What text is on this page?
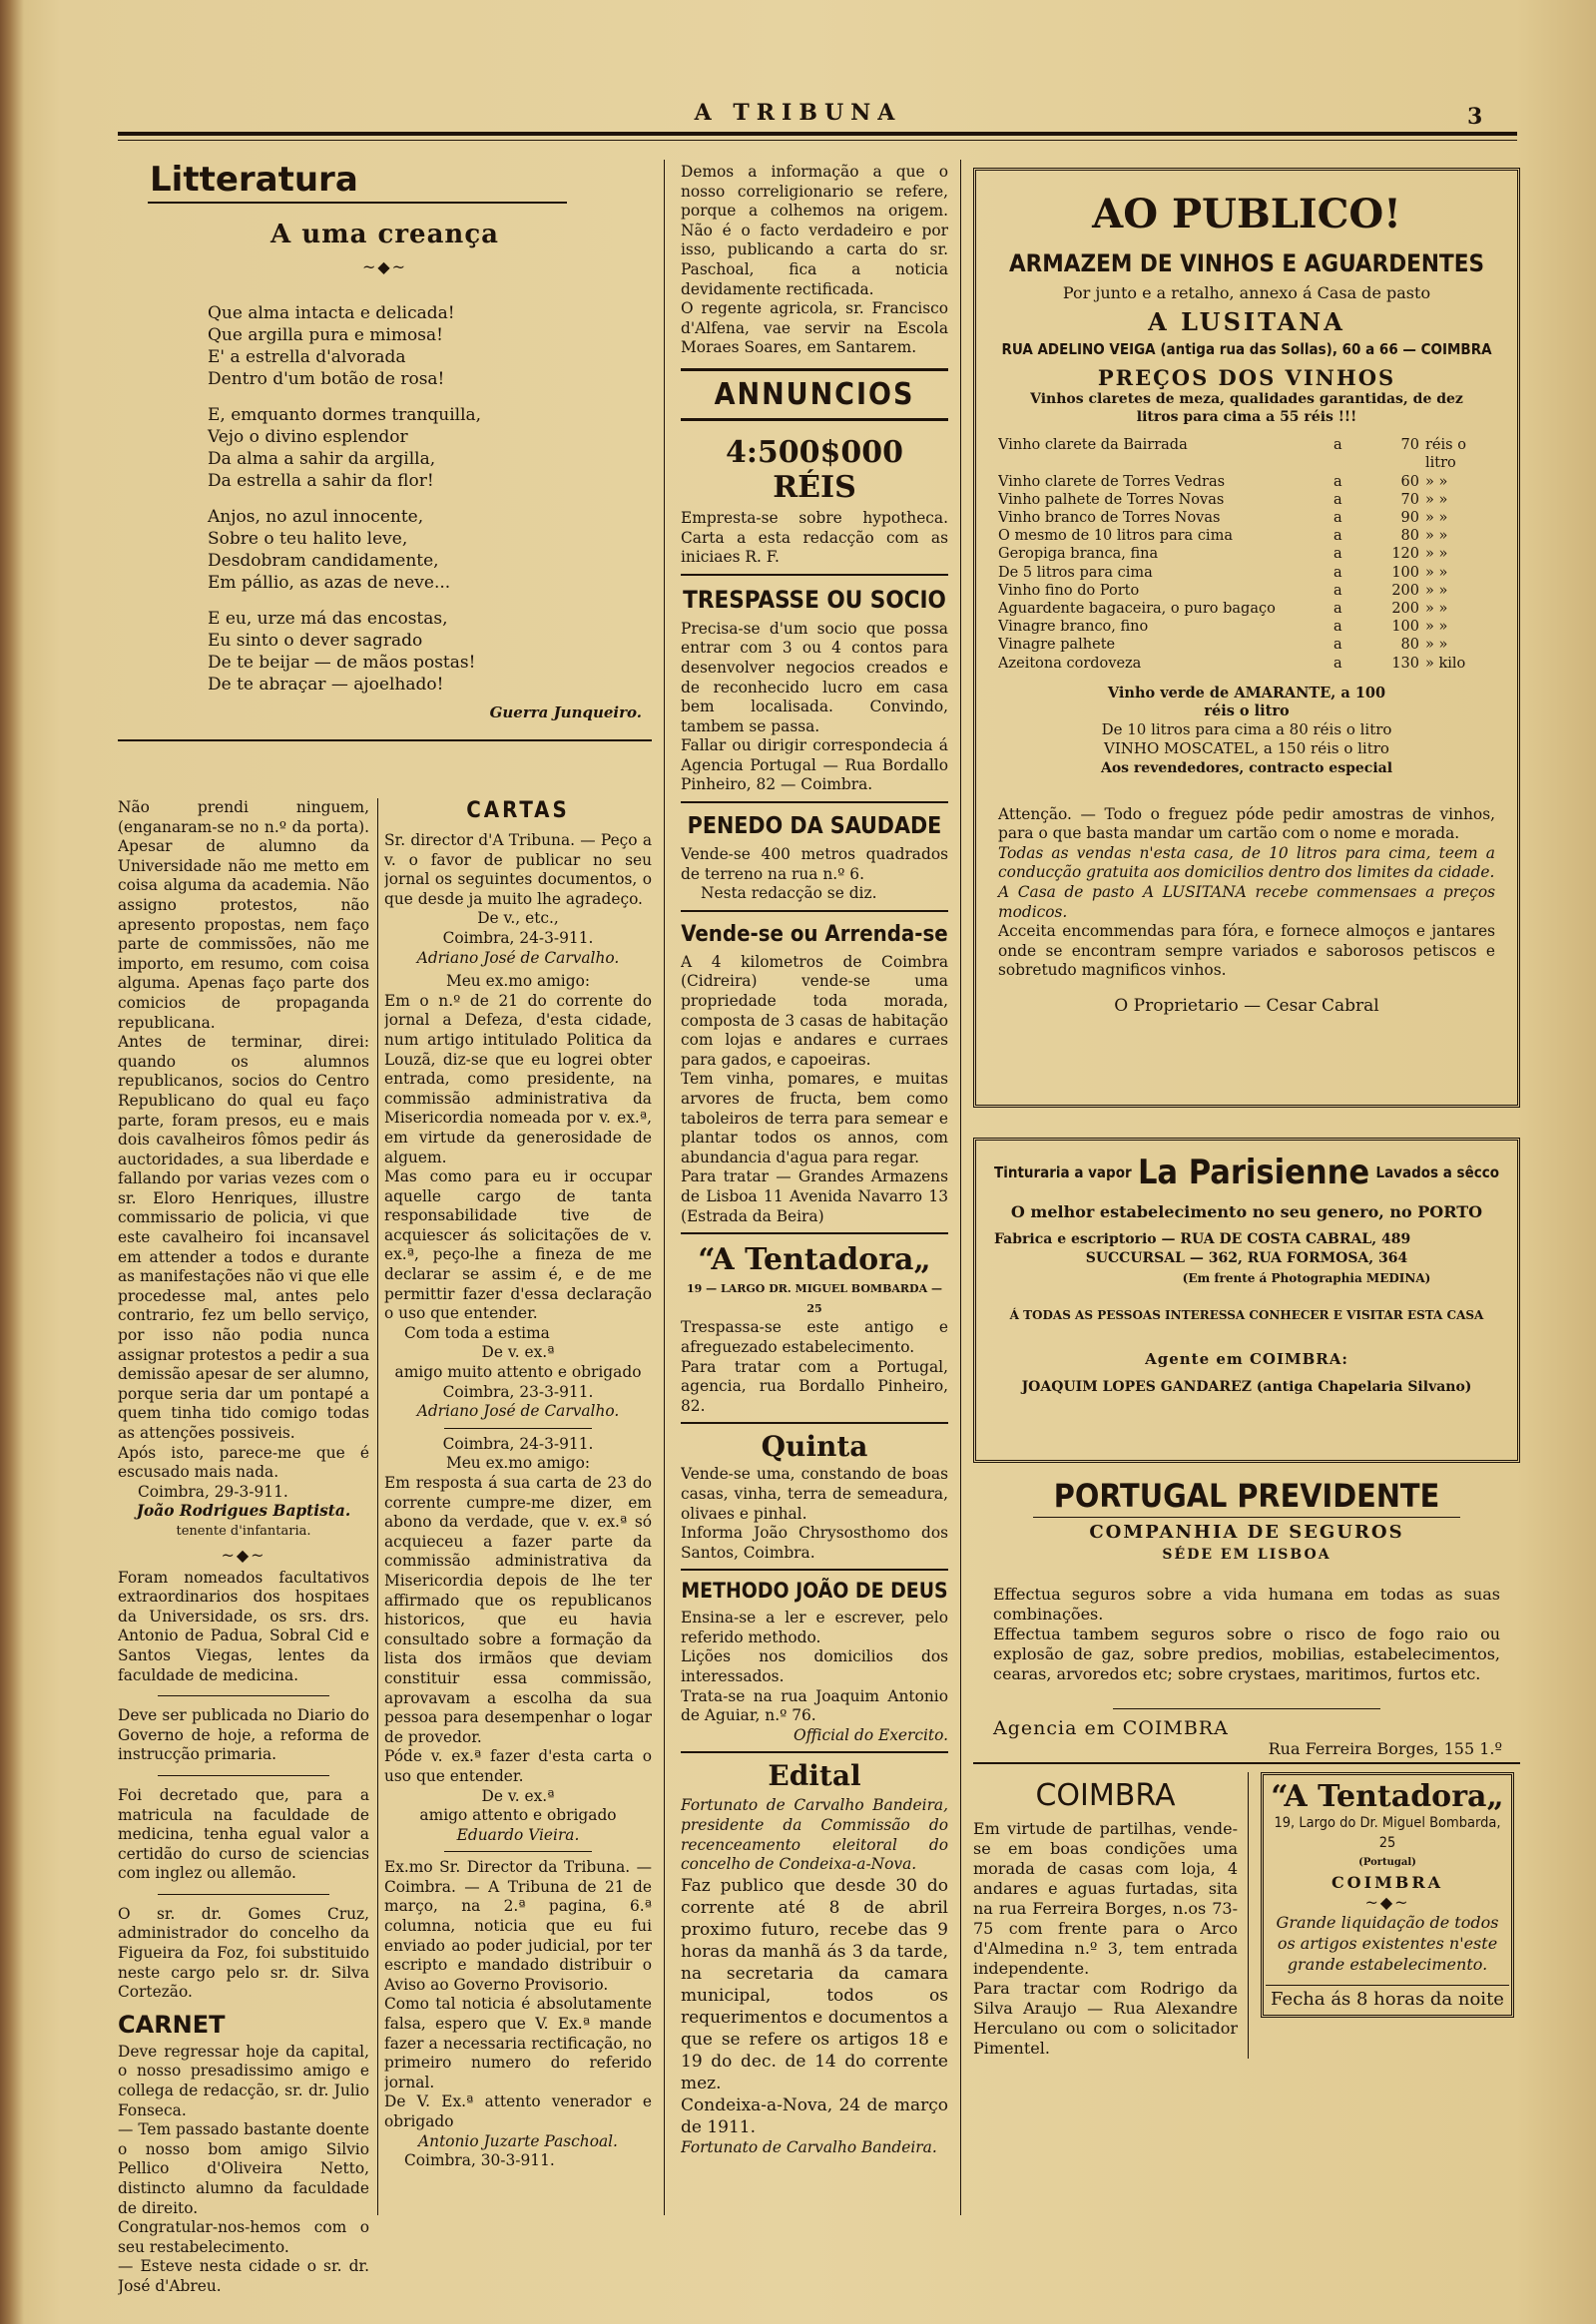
A TRIBUNA	3
Litteratura
A uma creança
~◆~

Que alma intacta e delicada!

Que argilla pura e mimosa!

E' a estrella d'alvorada

Dentro d'um botão de rosa!

E, emquanto dormes tranquilla,

Vejo o divino esplendor

Da alma a sahir da argilla,

Da estrella a sahir da flor!

Anjos, no azul innocente,

Sobre o teu halito leve,

Desdobram candidamente,

Em pállio, as azas de neve...

E eu, urze má das encostas,

Eu sinto o dever sagrado

De te beijar — de mãos postas!

De te abraçar — ajoelhado!

Guerra Junqueiro.

Não prendi ninguem, (enganaram-se no n.º da porta). Apesar de alumno da Universidade não me metto em coisa alguma da academia. Não assigno protestos, não apresento propostas, nem faço parte de commissões, não me importo, em resumo, com coisa alguma. Apenas faço parte dos comicios de propaganda republicana.

Antes de terminar, direi: quando os alumnos republicanos, socios do Centro Republicano do qual eu faço parte, foram presos, eu e mais dois cavalheiros fômos pedir ás auctoridades, a sua liberdade e fallando por varias vezes com o sr. Eloro Henriques, illustre commissario de policia, vi que este cavalheiro foi incansavel em attender a todos e durante as manifestações não vi que elle procedesse mal, antes pelo contrario, fez um bello serviço, por isso não podia nunca assignar protestos a pedir a sua demissão apesar de ser alumno, porque seria dar um pontapé a quem tinha tido comigo todas as attenções possiveis.

Após isto, parece-me que é escusado mais nada.

Coimbra, 29-3-911.

João Rodrigues Baptista.

tenente d'infantaria.

~◆~

Foram nomeados facultativos extraordinarios dos hospitaes da Universidade, os srs. drs. Antonio de Padua, Sobral Cid e Santos Viegas, lentes da faculdade de medicina.

Deve ser publicada no Diario do Governo de hoje, a reforma de instrucção primaria.

Foi decretado que, para a matricula na faculdade de medicina, tenha egual valor a certidão do curso de sciencias com inglez ou allemão.

O sr. dr. Gomes Cruz, administrador do concelho da Figueira da Foz, foi substituido neste cargo pelo sr. dr. Silva Cortezão.

CARNET

Deve regressar hoje da capital, o nosso presadissimo amigo e collega de redacção, sr. dr. Julio Fonseca.

— Tem passado bastante doente o nosso bom amigo Silvio Pellico d'Oliveira Netto, distincto alumno da faculdade de direito.

Congratular-nos-hemos com o seu restabelecimento.

— Esteve nesta cidade o sr. dr. José d'Abreu.

CARTAS

Sr. director d'A Tribuna. — Peço a v. o favor de publicar no seu jornal os seguintes documentos, o que desde ja muito lhe agradeço.

De v., etc.,

Coimbra, 24-3-911.

Adriano José de Carvalho.

Meu ex.mo amigo:

Em o n.º de 21 do corrente do jornal a Defeza, d'esta cidade, num artigo intitulado Politica da Louzã, diz-se que eu logrei obter entrada, como presidente, na commissão administrativa da Misericordia nomeada por v. ex.ª, em virtude da generosidade de alguem.

Mas como para eu ir occupar aquelle cargo de tanta responsabilidade tive de acquiescer ás solicitações de v. ex.ª, peço-lhe a fineza de me declarar se assim é, e de me permittir fazer d'essa declaração o uso que entender.

Com toda a estima

De v. ex.ª

amigo muito attento e obrigado

Coimbra, 23-3-911.

Adriano José de Carvalho.

Coimbra, 24-3-911.

Meu ex.mo amigo:

Em resposta á sua carta de 23 do corrente cumpre-me dizer, em abono da verdade, que v. ex.ª só acquieceu a fazer parte da commissão administrativa da Misericordia depois de lhe ter affirmado que os republicanos historicos, que eu havia consultado sobre a formação da lista dos irmãos que deviam constituir essa commissão, aprovavam a escolha da sua pessoa para desempenhar o logar de provedor.

Póde v. ex.ª fazer d'esta carta o uso que entender.

De v. ex.ª

amigo attento e obrigado

Eduardo Vieira.

Ex.mo Sr. Director da Tribuna. — Coimbra. — A Tribuna de 21 de março, na 2.ª pagina, 6.ª columna, noticia que eu fui enviado ao poder judicial, por ter escripto e mandado distribuir o Aviso ao Governo Provisorio.

Como tal noticia é absolutamente falsa, espero que V. Ex.ª mande fazer a necessaria rectificação, no primeiro numero do referido jornal.

De V. Ex.ª attento venerador e obrigado

Antonio Juzarte Paschoal.

Coimbra, 30-3-911.

Demos a informação a que o nosso correligionario se refere, porque a colhemos na origem. Não é o facto verdadeiro e por isso, publicando a carta do sr. Paschoal, fica a noticia devidamente rectificada.

O regente agricola, sr. Francisco d'Alfena, vae servir na Escola Moraes Soares, em Santarem.

ANNUNCIOS
4:500$000 RÉIS

Empresta-se sobre hypotheca. Carta a esta redacção com as iniciaes R. F.

TRESPASSE OU SOCIO

Precisa-se d'um socio que possa entrar com 3 ou 4 contos para desenvolver negocios creados e de reconhecido lucro em casa bem localisada. Convindo, tambem se passa.

Fallar ou dirigir correspondecia á Agencia Portugal — Rua Bordallo Pinheiro, 82 — Coimbra.

PENEDO DA SAUDADE

Vende-se 400 metros quadrados de terreno na rua n.º 6.

Nesta redacção se diz.

Vende-se ou Arrenda-se

A 4 kilometros de Coimbra (Cidreira) vende-se uma propriedade toda morada, composta de 3 casas de habitação com lojas e andares e curraes para gados, e capoeiras.

Tem vinha, pomares, e muitas arvores de fructa, bem como taboleiros de terra para semear e plantar todos os annos, com abundancia d'agua para regar.

Para tratar — Grandes Armazens de Lisboa 11 Avenida Navarro 13 (Estrada da Beira)

“A Tentadora„

19 — LARGO DR. MIGUEL BOMBARDA — 25

Trespassa-se este antigo e afreguezado estabelecimento.

Para tratar com a Portugal, agencia, rua Bordallo Pinheiro, 82.

Quinta

Vende-se uma, constando de boas casas, vinha, terra de semeadura, olivaes e pinhal.

Informa João Chrysosthomo dos Santos, Coimbra.

METHODO JOÃO DE DEUS

Ensina-se a ler e escrever, pelo referido methodo.

Lições nos domicilios dos interessados.

Trata-se na rua Joaquim Antonio de Aguiar, n.º 76.

Official do Exercito.

Edital

Fortunato de Carvalho Bandeira, presidente da Commissão do recenceamento eleitoral do concelho de Condeixa-a-Nova.

Faz publico que desde 30 do corrente até 8 de abril proximo futuro, recebe das 9 horas da manhã ás 3 da tarde, na secretaria da camara municipal, todos os requerimentos e documentos a que se refere os artigos 18 e 19 do dec. de 14 do corrente mez.

Condeixa-a-Nova, 24 de março de 1911.

Fortunato de Carvalho Bandeira.

AO PUBLICO!
ARMAZEM DE VINHOS E AGUARDENTES

Por junto e a retalho, annexo á Casa de pasto

A LUSITANA

RUA ADELINO VEIGA (antiga rua das Sollas), 60 a 66 — COIMBRA

PREÇOS DOS VINHOS

Vinhos claretes de meza, qualidades garantidas, de dez litros para cima a 55 réis !!!

Vinho clarete da Bairrada	a	70 réis o litro
Vinho clarete de Torres Vedras	a	60 » »
Vinho palhete de Torres Novas	a	70 » »
Vinho branco de Torres Novas	a	90 » »
O mesmo de 10 litros para cima	a	80 » »
Geropiga branca, fina	a	120 » »
De 5 litros para cima	a	100 » »
Vinho fino do Porto	a	200 » »
Aguardente bagaceira, o puro bagaço	a	200 » »
Vinagre branco, fino	a	100 » »
Vinagre palhete	a	80 » »
Azeitona cordoveza	a	130 » kilo

Vinho verde de AMARANTE, a 100 réis o litro

De 10 litros para cima a 80 réis o litro

VINHO MOSCATEL, a 150 réis o litro

Aos revendedores, contracto especial

Attenção. — Todo o freguez póde pedir amostras de vinhos, para o que basta mandar um cartão com o nome e morada.

Todas as vendas n'esta casa, de 10 litros para cima, teem a conducção gratuita aos domicilios dentro dos limites da cidade.

A Casa de pasto A LUSITANA recebe commensaes a preços modicos.

Acceita encommendas para fóra, e fornece almoços e jantares onde se encontram sempre variados e saborosos petiscos e sobretudo magnificos vinhos.

O Proprietario — Cesar Cabral

Tinturaria a vapor La Parisienne Lavados a sêcco

O melhor estabelecimento no seu genero, no PORTO

Fabrica e escriptorio — RUA DE COSTA CABRAL, 489

SUCCURSAL — 362, RUA FORMOSA, 364

(Em frente á Photographia MEDINA)

Á TODAS AS PESSOAS INTERESSA CONHECER E VISITAR ESTA CASA

Agente em COIMBRA:

JOAQUIM LOPES GANDAREZ (antiga Chapelaria Silvano)

PORTUGAL PREVIDENTE
COMPANHIA DE SEGUROS
SÉDE EM LISBOA

Effectua seguros sobre a vida humana em todas as suas combinações.

Effectua tambem seguros sobre o risco de fogo raio ou explosão de gaz, sobre predios, mobilias, estabelecimentos, cearas, arvoredos etc; sobre crystaes, maritimos, furtos etc.

Agencia em COIMBRA

Rua Ferreira Borges, 155 1.º

COIMBRA

Em virtude de partilhas, vende-se em boas condições uma morada de casas com loja, 4 andares e aguas furtadas, sita na rua Ferreira Borges, n.os 73-75 com frente para o Arco d'Almedina n.º 3, tem entrada independente.

Para tractar com Rodrigo da Silva Araujo — Rua Alexandre Herculano ou com o solicitador Pimentel.

“A Tentadora„

19, Largo do Dr. Miguel Bombarda, 25

(Portugal)

COIMBRA

~◆~

Grande liquidação de todos os artigos existentes n'este grande estabelecimento.

Fecha ás 8 horas da noite
